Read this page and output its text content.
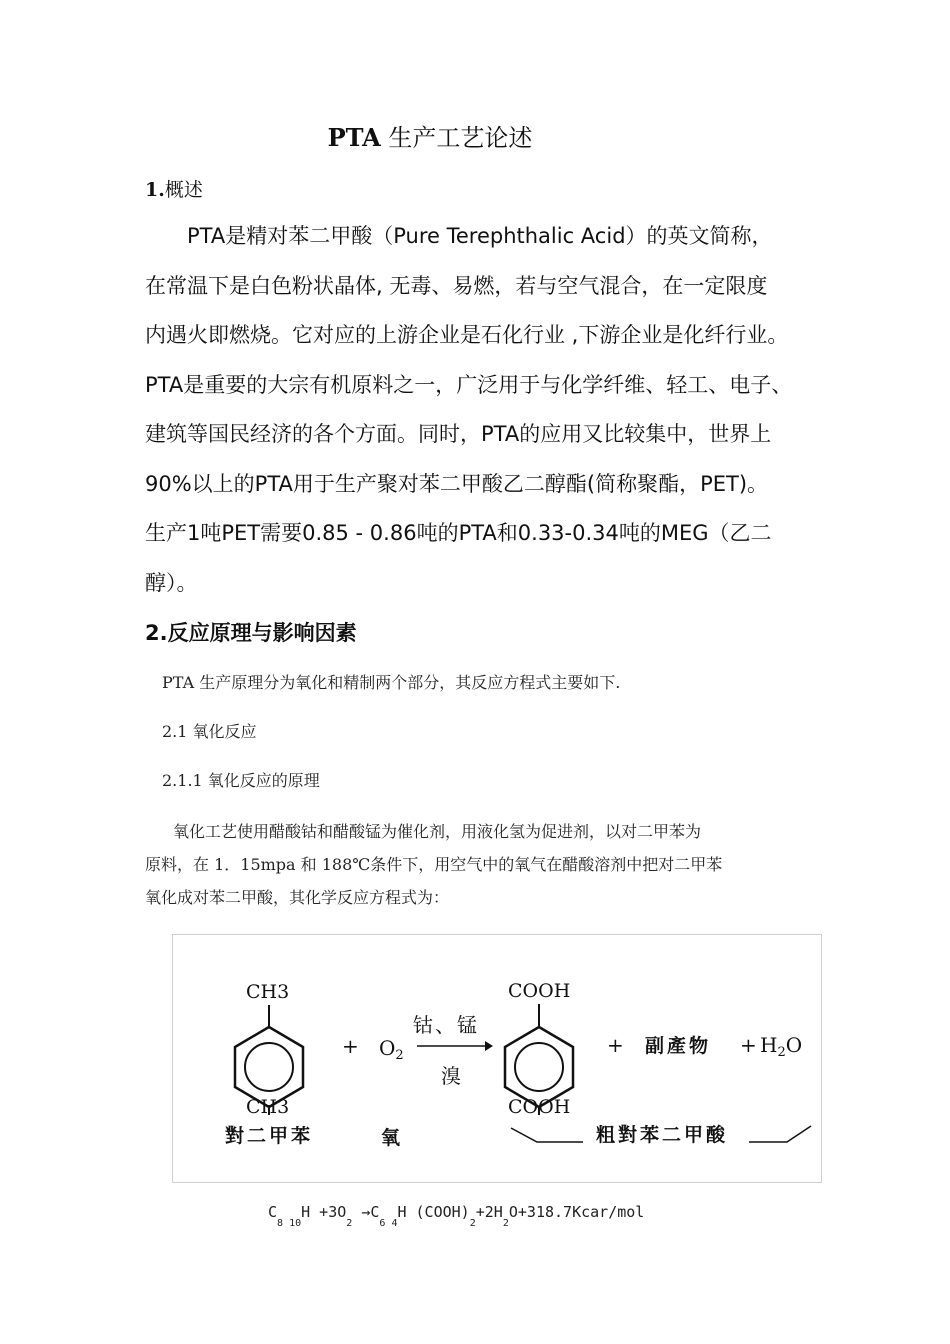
PTA 生产工艺论述
1.概述
PTA是精对苯二甲酸（Pure Terephthalic Acid）的英文简称，
在常温下是白色粉状晶体, 无毒、易燃，若与空气混合，在一定限度
内遇火即燃烧。它对应的上游企业是石化行业 ,下游企业是化纤行业。
PTA是重要的大宗有机原料之一，广泛用于与化学纤维、轻工、电子、
建筑等国民经济的各个方面。同时，PTA的应用又比较集中，世界上
90%以上的PTA用于生产聚对苯二甲酸乙二醇酯(简称聚酯，PET)。
生产1吨PET需要0.85 - 0.86吨的PTA和0.33-0.34吨的MEG（乙二
醇）。
2.反应原理与影响因素
PTA 生产原理分为氧化和精制两个部分，其反应方程式主要如下.
2.1 氧化反应
2.1.1 氧化反应的原理
氧化工艺使用醋酸钴和醋酸锰为催化剂，用液化氢为促进剂，以对二甲苯为
原料，在 1．15mpa 和 188℃条件下，用空气中的氧气在醋酸溶剂中把对二甲苯
氧化成对苯二甲酸，其化学反应方程式为：
CH3
CH3
對二甲苯
+ $O_2$
氧
钴、锰
溴
COOH
COOH
粗對苯二甲酸
+ 副產物 + $H_2O$
$C_{8 10}H +3O_2 \to C_{6 4}H$ $(COOH)_2+2H_2O+318.7Kcar$/mol
